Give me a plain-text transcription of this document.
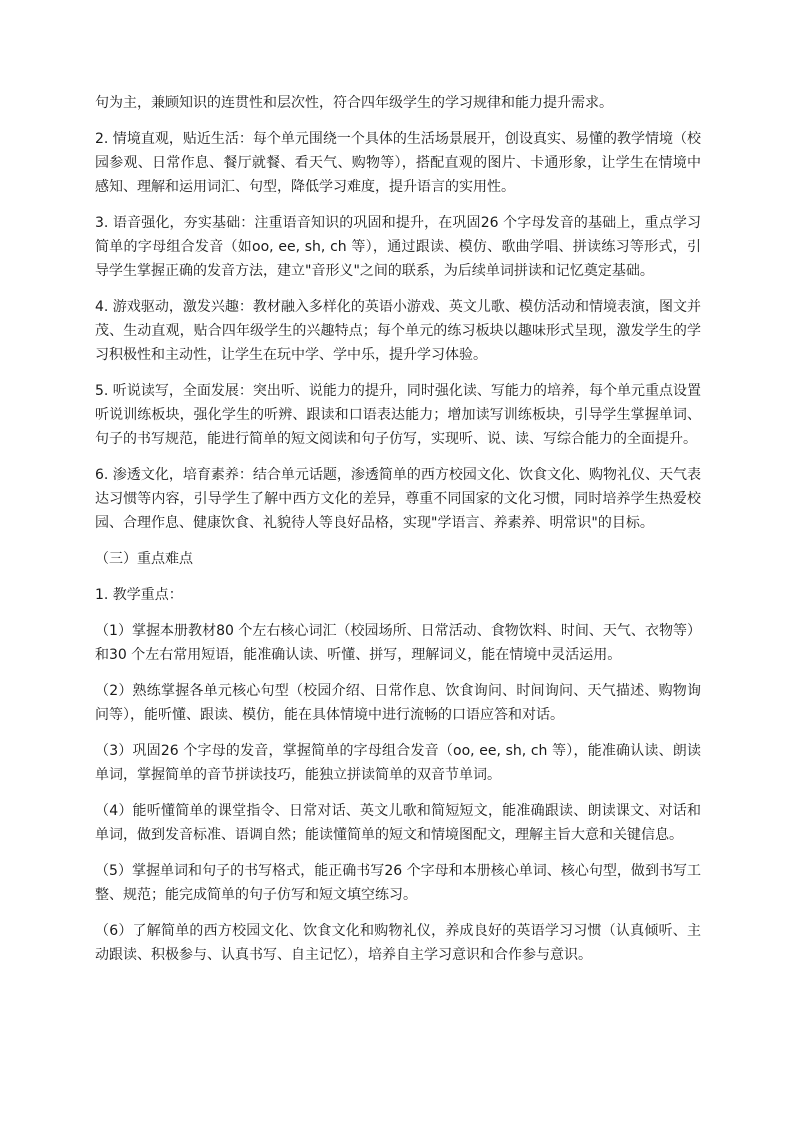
句为主，兼顾知识的连贯性和层次性，符合四年级学生的学习规律和能力提升需求。

2. 情境直观，贴近生活：每个单元围绕一个具体的生活场景展开，创设真实、易懂的教学情境（校园参观、日常作息、餐厅就餐、看天气、购物等），搭配直观的图片、卡通形象，让学生在情境中感知、理解和运用词汇、句型，降低学习难度，提升语言的实用性。

3. 语音强化，夯实基础：注重语音知识的巩固和提升，在巩固26 个字母发音的基础上，重点学习简单的字母组合发音（如oo, ee, sh, ch 等），通过跟读、模仿、歌曲学唱、拼读练习等形式，引导学生掌握正确的发音方法，建立"音形义"之间的联系，为后续单词拼读和记忆奠定基础。

4. 游戏驱动，激发兴趣：教材融入多样化的英语小游戏、英文儿歌、模仿活动和情境表演，图文并茂、生动直观，贴合四年级学生的兴趣特点；每个单元的练习板块以趣味形式呈现，激发学生的学习积极性和主动性，让学生在玩中学、学中乐，提升学习体验。

5. 听说读写，全面发展：突出听、说能力的提升，同时强化读、写能力的培养，每个单元重点设置听说训练板块，强化学生的听辨、跟读和口语表达能力；增加读写训练板块，引导学生掌握单词、句子的书写规范，能进行简单的短文阅读和句子仿写，实现听、说、读、写综合能力的全面提升。

6. 渗透文化，培育素养：结合单元话题，渗透简单的西方校园文化、饮食文化、购物礼仪、天气表达习惯等内容，引导学生了解中西方文化的差异，尊重不同国家的文化习惯，同时培养学生热爱校园、合理作息、健康饮食、礼貌待人等良好品格，实现"学语言、养素养、明常识"的目标。

（三）重点难点

1. 教学重点：

（1）掌握本册教材80 个左右核心词汇（校园场所、日常活动、食物饮料、时间、天气、衣物等）和30 个左右常用短语，能准确认读、听懂、拼写，理解词义，能在情境中灵活运用。

（2）熟练掌握各单元核心句型（校园介绍、日常作息、饮食询问、时间询问、天气描述、购物询问等），能听懂、跟读、模仿，能在具体情境中进行流畅的口语应答和对话。

（3）巩固26 个字母的发音，掌握简单的字母组合发音（oo, ee, sh, ch 等），能准确认读、朗读单词，掌握简单的音节拼读技巧，能独立拼读简单的双音节单词。

（4）能听懂简单的课堂指令、日常对话、英文儿歌和简短短文，能准确跟读、朗读课文、对话和单词，做到发音标准、语调自然；能读懂简单的短文和情境图配文，理解主旨大意和关键信息。

（5）掌握单词和句子的书写格式，能正确书写26 个字母和本册核心单词、核心句型，做到书写工整、规范；能完成简单的句子仿写和短文填空练习。

（6）了解简单的西方校园文化、饮食文化和购物礼仪，养成良好的英语学习习惯（认真倾听、主动跟读、积极参与、认真书写、自主记忆），培养自主学习意识和合作参与意识。
